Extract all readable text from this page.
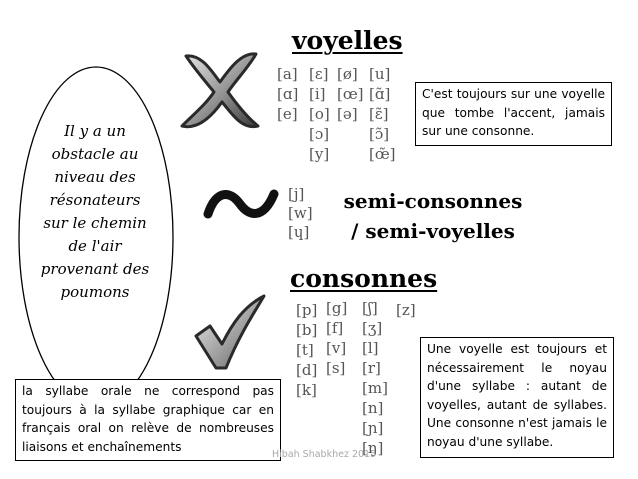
Il y a un
obstacle au
niveau des
résonateurs
sur le chemin
de l'air
provenant des
poumons
voyelles
semi-consonnes
/ semi-voyelles
consonnes
[a]
[ɑ]
[e]
[ɛ]
[i]
[o]
[ɔ]
[y]
[ø]
[œ]
[ə]
[u]
[ɑ̃]
[ɛ̃]
[ɔ̃]
[œ̃]
[j]
[w]
[ɥ]
[p]
[b]
[t]
[d]
[k]
[g]
[f]
[v]
[s]
[ʃ]
[ʒ]
[l]
[r]
[m]
[n]
[ɲ]
[ŋ]
[z]
C'est toujours sur une voyelle que tombe l'accent, jamais sur une consonne.
Une voyelle est toujours et nécessairement le noyau d'une syllabe : autant de voyelles, autant de syllabes. Une consonne n'est jamais le noyau d'une syllabe.
la syllabe orale ne correspond pas toujours à la syllabe graphique car en français oral on relève de nombreuses liaisons et enchaînements
Hibah Shabkhez 2015
